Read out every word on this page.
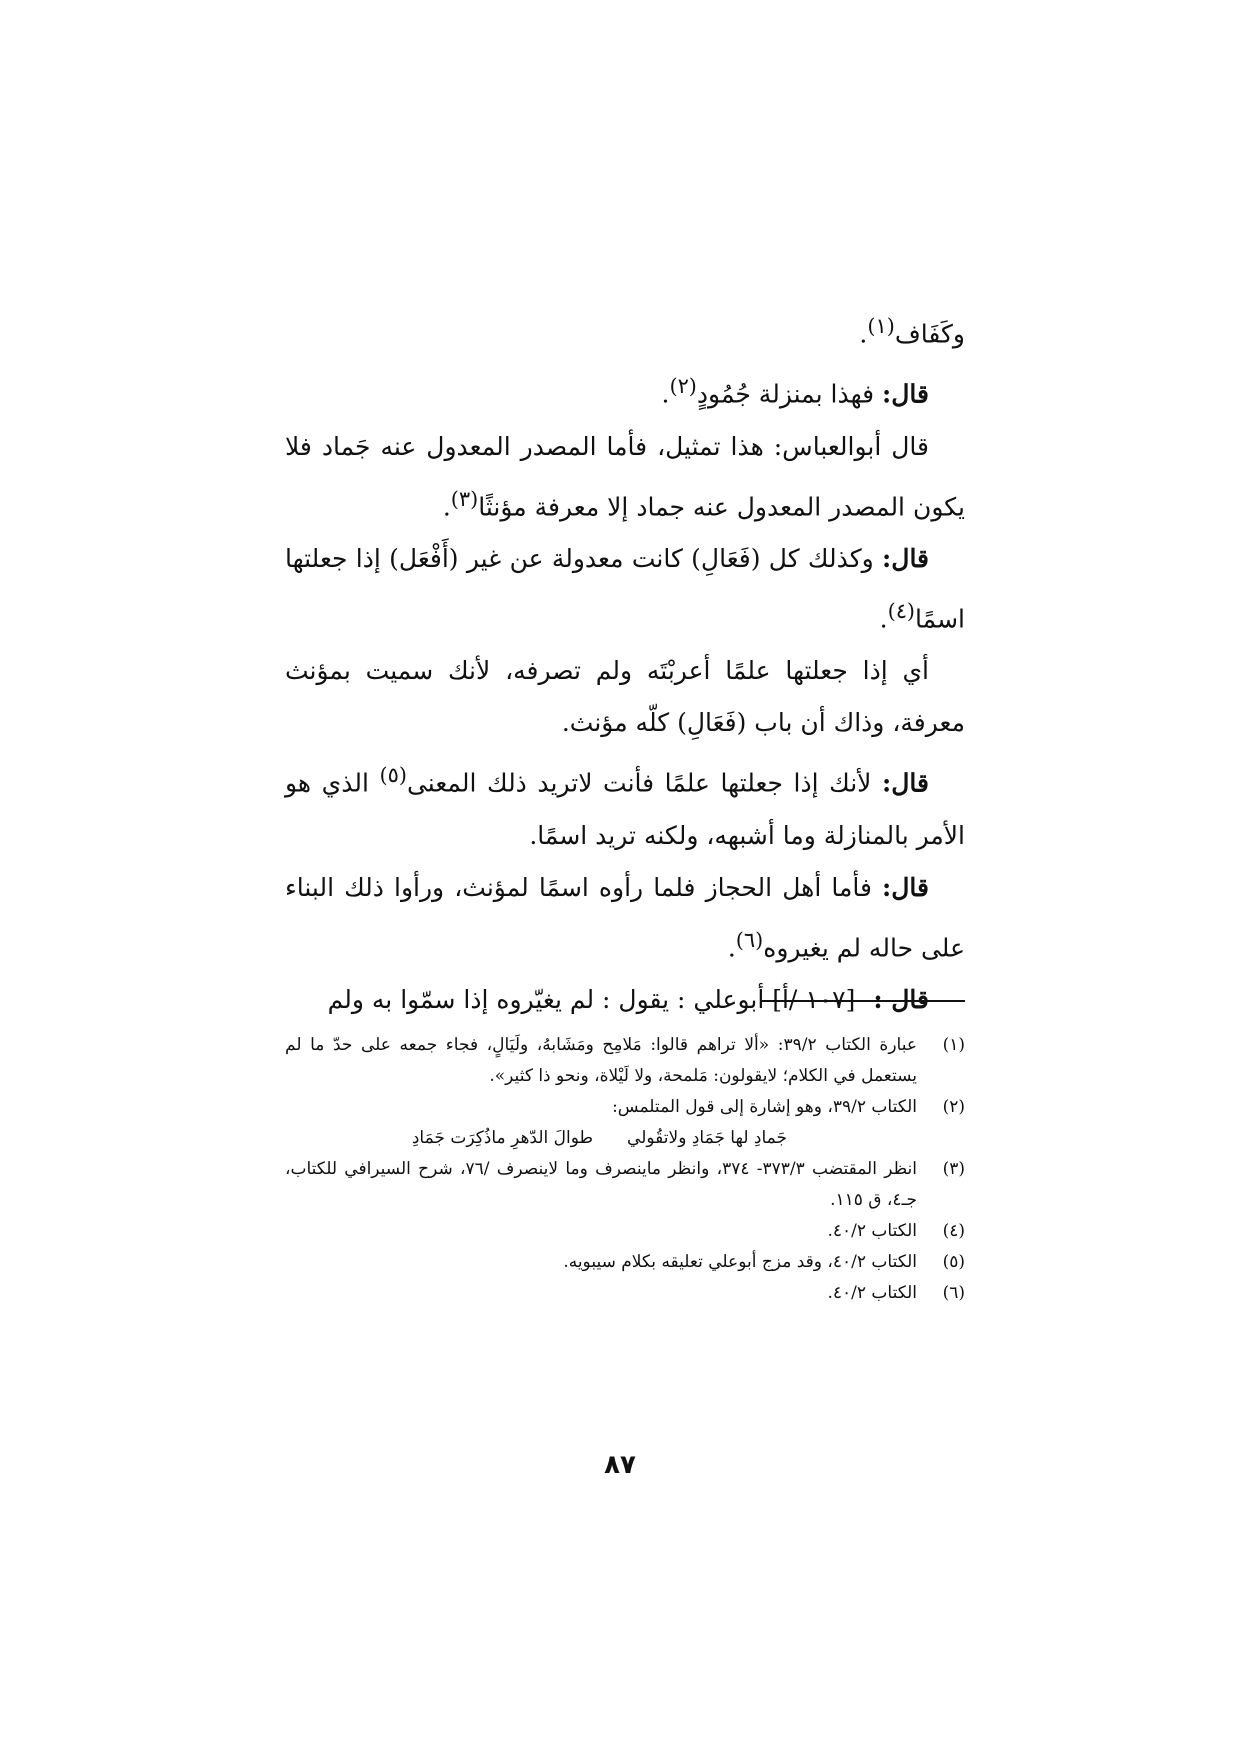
وكَفَاف$^{(١)}$.

قال: فهذا بمنزلة جُمُودٍ$^{(٢)}$.

قال أبوالعباس: هذا تمثيل، فأما المصدر المعدول عنه جَماد فلا يكون المصدر المعدول عنه جماد إلا معرفة مؤنثًا$^{(٣)}$.

قال: وكذلك كل (فَعَالِ) كانت معدولة عن غير (أَفْعَل) إذا جعلتها اسمًا$^{(٤)}$.

أي إذا جعلتها علمًا أعربْتَه ولم تصرفه، لأنك سميت بمؤنث معرفة، وذاك أن باب (فَعَالِ) كلّه مؤنث.

قال: لأنك إذا جعلتها علمًا فأنت لاتريد ذلك المعنى$^{(٥)}$ الذي هو الأمر بالمنازلة وما أشبهه، ولكنه تريد اسمًا.

قال: فأما أهل الحجاز فلما رأوه اسمًا لمؤنث، ورأوا ذلك البناء على حاله لم يغيروه$^{(٦)}$.

قال : [١٠٧ /أ] أبوعلي : يقول : لم يغيّروه إذا سمّوا به ولم

(١)
عبارة الكتاب ٣٩/٢: «ألا تراهم قالوا: مَلامِح ومَشَابهُ، ولَيَالٍ، فجاء جمعه على حدّ ما لم يستعمل في الكلام؛ لايقولون: مَلمحة، ولا لَيْلاة، ونحو ذا كثير».
(٢)
الكتاب ٣٩/٢، وهو إشارة إلى قول المتلمس:
جَمادِ لها جَمَادِ ولاتقُولي
طوالَ الدّهرِ ماذُكِرَت جَمَادِ
(٣)
انظر المقتضب ٣٧٣/٣- ٣٧٤، وانظر ماينصرف وما لاينصرف /٧٦، شرح السيرافي للكتاب، جـ٤، ق ١١٥.
(٤)
الكتاب ٤٠/٢.
(٥)
الكتاب ٤٠/٢، وقد مزج أبوعلي تعليقه بكلام سيبويه.
(٦)
الكتاب ٤٠/٢.
٨٧
